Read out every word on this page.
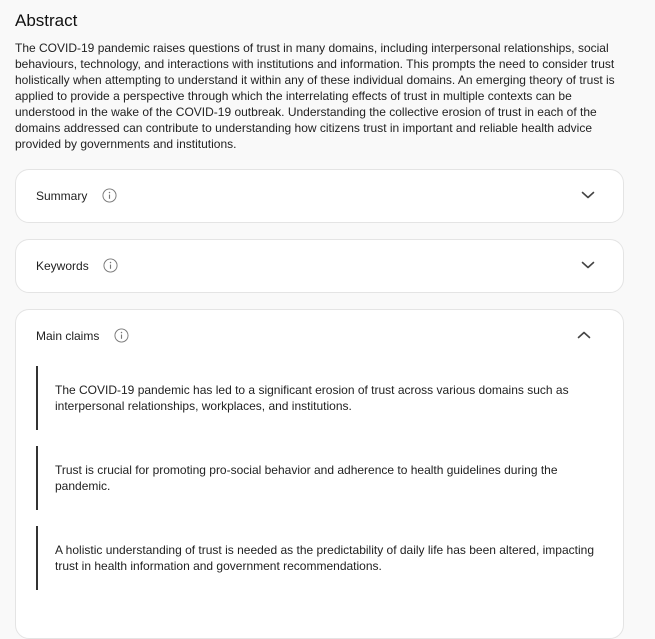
Abstract

The COVID-19 pandemic raises questions of trust in many domains, including interpersonal relationships, social behaviours, technology, and interactions with institutions and information. This prompts the need to consider trust holistically when attempting to understand it within any of these individual domains. An emerging theory of trust is applied to provide a perspective through which the interrelating effects of trust in multiple contexts can be understood in the wake of the COVID-19 outbreak. Understanding the collective erosion of trust in each of the domains addressed can contribute to understanding how citizens trust in important and reliable health advice provided by governments and institutions.

Summary
Keywords
Main claims
The COVID-19 pandemic has led to a significant erosion of trust across various domains such as interpersonal relationships, workplaces, and institutions.
Trust is crucial for promoting pro-social behavior and adherence to health guidelines during the pandemic.
A holistic understanding of trust is needed as the predictability of daily life has been altered, impacting trust in health information and government recommendations.
